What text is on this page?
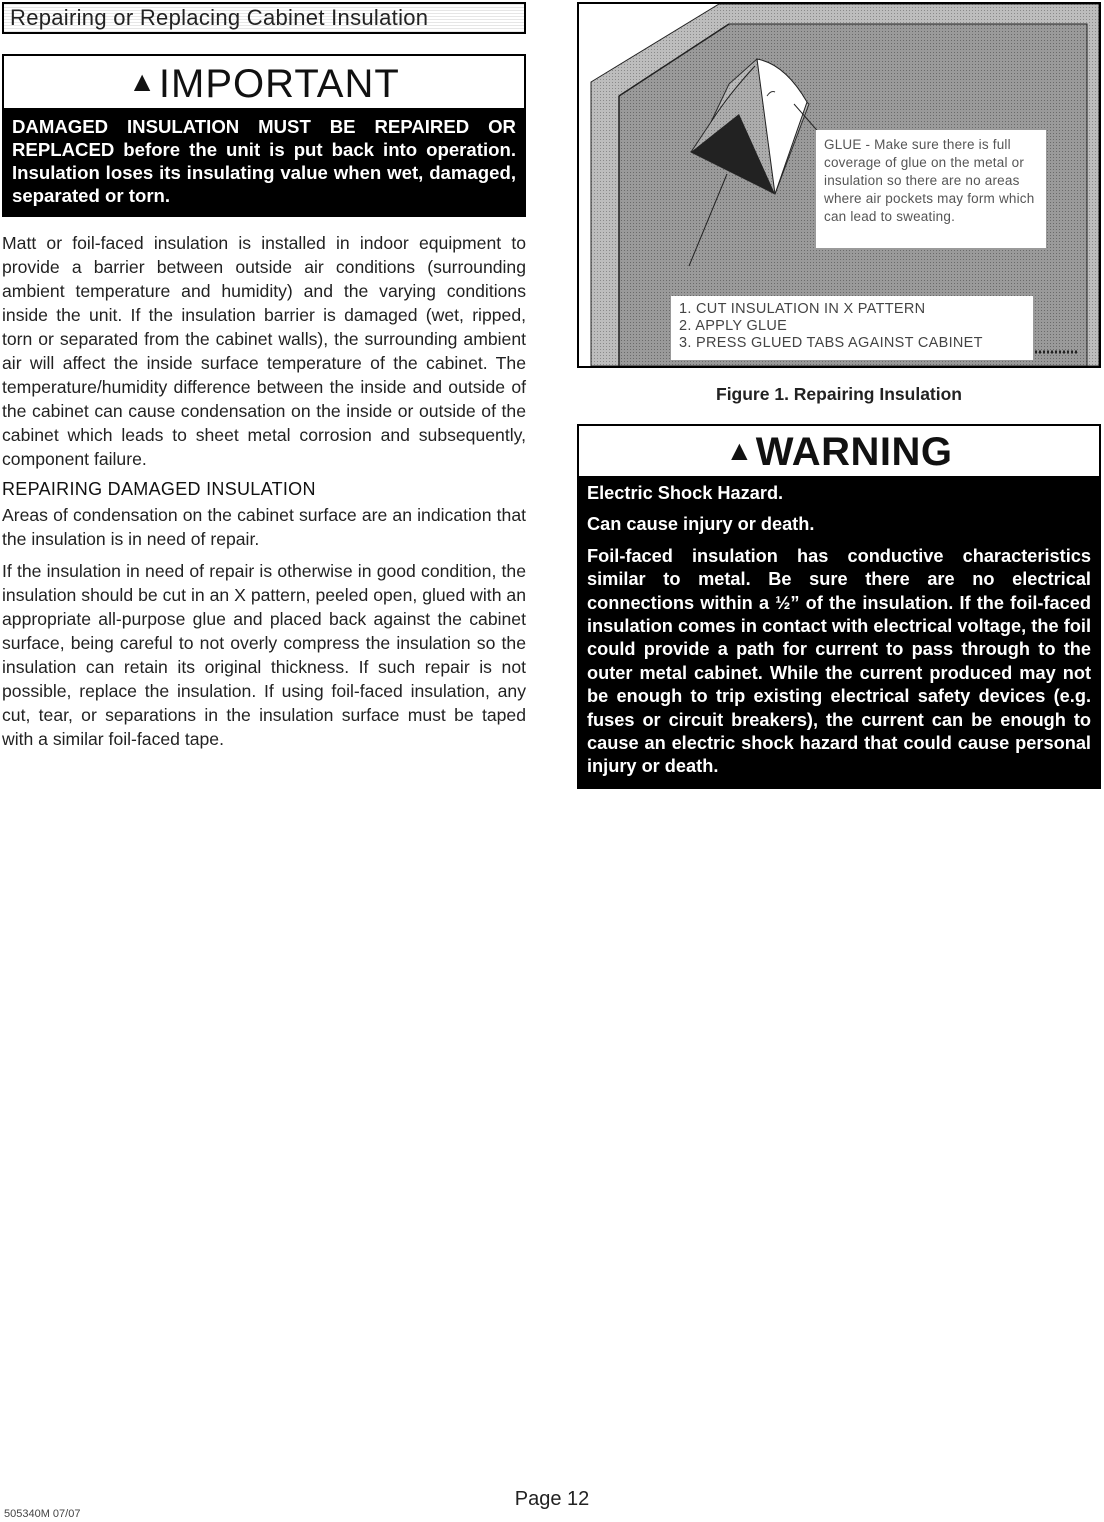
Repairing or Replacing Cabinet Insulation
▲IMPORTANT

DAMAGED INSULATION MUST BE REPAIRED OR REPLACED before the unit is put back into operation. Insulation loses its insulating value when wet, damaged, separated or torn.

Matt or foil-faced insulation is installed in indoor equipment to provide a barrier between outside air conditions (surrounding ambient temperature and humidity) and the varying conditions inside the unit. If the insulation barrier is damaged (wet, ripped, torn or separated from the cabinet walls), the surrounding ambient air will affect the inside surface temperature of the cabinet. The temperature/humidity difference between the inside and outside of the cabinet can cause condensation on the inside or outside of the cabinet which leads to sheet metal corrosion and subsequently, component failure.

REPAIRING DAMAGED INSULATION

Areas of condensation on the cabinet surface are an indication that the insulation is in need of repair.

If the insulation in need of repair is otherwise in good condition, the insulation should be cut in an X pattern, peeled open, glued with an appropriate all-purpose glue and placed back against the cabinet surface, being careful to not overly compress the insulation so the insulation can retain its original thickness. If such repair is not possible, replace the insulation. If using foil-faced insulation, any cut, tear, or separations in the insulation surface must be taped with a similar foil-faced tape.

GLUE - Make sure there is full coverage of glue on the metal or insulation so there are no areas where air pockets may form which can lead to sweating.
1. CUT INSULATION IN X PATTERN
2. APPLY GLUE
3. PRESS GLUED TABS AGAINST CABINET
Figure 1. Repairing Insulation
▲WARNING

Electric Shock Hazard.

Can cause injury or death.

Foil-faced insulation has conductive characteristics similar to metal. Be sure there are no electrical connections within a ½” of the insulation. If the foil-faced insulation comes in contact with electrical voltage, the foil could provide a path for current to pass through to the outer metal cabinet. While the current produced may not be enough to trip existing electrical safety devices (e.g. fuses or circuit breakers), the current can be enough to cause an electric shock hazard that could cause personal injury or death.

Page 12
505340M 07/07
